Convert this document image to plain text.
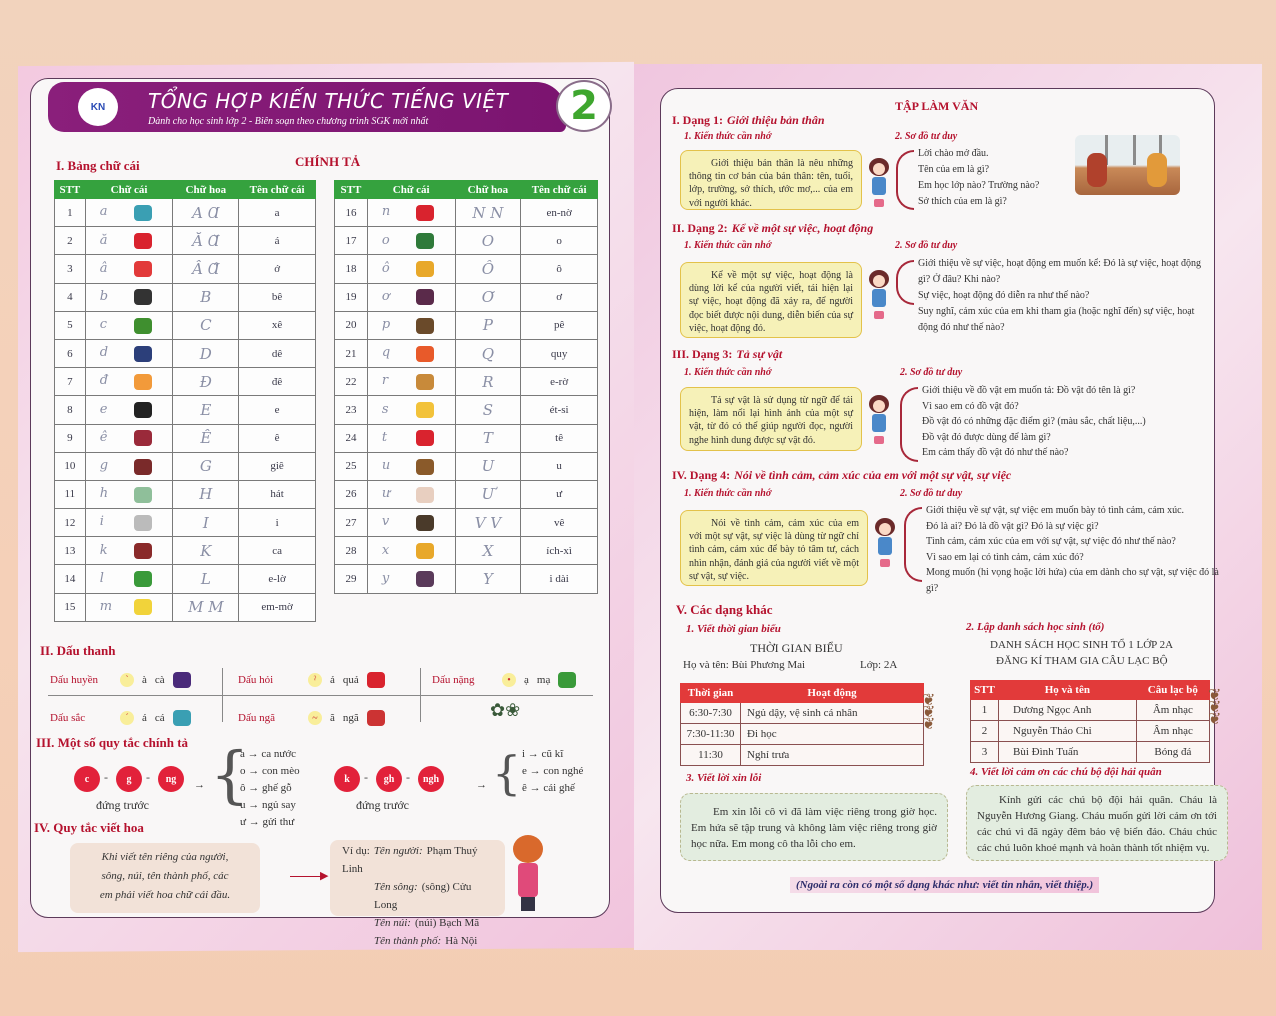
TỔNG HỢP KIẾN THỨC TIẾNG VIỆT
Dành cho học sinh lớp 2 - Biên soạn theo chương trình SGK mới nhất
KN	2
I. Bảng chữ cái	CHÍNH TẢ
STT	Chữ cái	Chữ hoa	Tên chữ cái
1	a	A Ɑ	a
2	ă	Ă Ɑ̆	á
3	â	Â Ɑ̂	ớ
4	b	B	bê
5	c	C	xê
6	d	D	dê
7	đ	Đ	đê
8	e	E	e
9	ê	Ê	ê
10	g	G	giê
11	h	H	hát
12	i	I	i
13	k	K	ca
14	l	L	e-lờ
15	m	M M	em-mờ
STT	Chữ cái	Chữ hoa	Tên chữ cái
16	n	N N	en-nờ
17	o	O	o
18	ô	Ô	ô
19	ơ	Ơ	ơ
20	p	P	pê
21	q	Q	quy
22	r	R	e-rờ
23	s	S	ét-si
24	t	T	tê
25	u	U	u
26	ư	Ư	ư
27	v	V V	vê
28	x	X	ích-xì
29	y	Y	i dài
II. Dấu thanh
Dấu huyền	`	à cà	Dấu hỏi	ˀ	ả quả	Dấu nặng	•	ạ mạ
Dấu sắc	ˊ	á cá	Dấu ngã	~	ã ngã	✿❀
III. Một số quy tắc chính tả
c	-	g	-	ng
đứng trước
→ {
a → ca nước
o → con mèo
ô → ghế gỗ
u → ngủ say
ư → gửi thư
k	-	gh -	ngh
đứng trước
→ { i → cũ kĩ
e → con nghé
ê → cái ghế
IV. Quy tắc viết hoa
Khi viết tên riêng của người,
sông, núi, tên thành phố, các
em phải viết hoa chữ cái đầu.
▶
Ví dụ: Tên người: Phạm Thuý Linh
Tên sông: (sông) Cửu Long
Tên núi: (núi) Bạch Mã
Tên thành phố: Hà Nội
TẬP LÀM VĂN
I. Dạng 1: Giới thiệu bản thân
1. Kiến thức cần nhớ	2. Sơ đồ tư duy
Giới thiệu bản thân là nêu những thông tin cơ bản của bản thân: tên, tuổi, lớp, trường, sở thích, ước mơ,... của em với người khác.
Lời chào mở đầu.
Tên của em là gì?
Em học lớp nào? Trường nào?
Sở thích của em là gì?
II. Dạng 2: Kể về một sự việc, hoạt động
1. Kiến thức cần nhớ	2. Sơ đồ tư duy
Kể về một sự việc, hoạt động là dùng lời kể của người viết, tái hiện lại sự việc, hoạt động đã xảy ra, để người đọc biết được nội dung, diễn biến của sự việc, hoạt động đó.
Giới thiệu về sự việc, hoạt động em muốn kể: Đó là sự việc, hoạt động gì? Ở đâu? Khi nào?
Sự việc, hoạt động đó diễn ra như thế nào?
Suy nghĩ, cảm xúc của em khi tham gia (hoặc nghĩ đến) sự việc, hoạt động đó như thế nào?
III. Dạng 3: Tả sự vật
1. Kiến thức cần nhớ	2. Sơ đồ tư duy
Tả sự vật là sử dụng từ ngữ để tái hiện, làm nổi lại hình ảnh của một sự vật, từ đó có thể giúp người đọc, người nghe hình dung được sự vật đó.
Giới thiệu về đồ vật em muốn tả: Đồ vật đó tên là gì?
Vì sao em có đồ vật đó?
Đồ vật đó có những đặc điểm gì? (màu sắc, chất liệu,...)
Đồ vật đó được dùng để làm gì?
Em cảm thấy đồ vật đó như thế nào?
IV. Dạng 4: Nói về tình cảm, cảm xúc của em với một sự vật, sự việc
1. Kiến thức cần nhớ	2. Sơ đồ tư duy
Nói về tình cảm, cảm xúc của em với một sự vật, sự việc là dùng từ ngữ chỉ tình cảm, cảm xúc để bày tỏ tâm tư, cách nhìn nhận, đánh giá của người viết về một sự vật, sự việc.
Giới thiệu về sự vật, sự việc em muốn bày tỏ tình cảm, cảm xúc.
Đó là ai? Đó là đồ vật gì? Đó là sự việc gì?
Tình cảm, cảm xúc của em với sự vật, sự việc đó như thế nào?
Vì sao em lại có tình cảm, cảm xúc đó?
Mong muốn (hi vọng hoặc lời hứa) của em dành cho sự vật, sự việc đó là gì?
V. Các dạng khác
1. Viết thời gian biểu
THỜI GIAN BIỂU
Họ và tên: Bùi Phương Mai	Lớp: 2A
Thời gian	Hoạt động
6:30-7:30	Ngủ dậy, vệ sinh cá nhân
7:30-11:30	Đi học
11:30	Nghỉ trưa
2. Lập danh sách học sinh (tổ)
DANH SÁCH HỌC SINH TỔ 1 LỚP 2A
ĐĂNG KÍ THAM GIA CÂU LẠC BỘ
STT	Họ và tên	Câu lạc bộ
1	Dương Ngọc Anh	Âm nhạc
2	Nguyễn Thảo Chi	Âm nhạc
3	Bùi Đình Tuấn	Bóng đá
❦
❦
❦
❦
❦
❦
3. Viết lời xin lỗi
Em xin lỗi cô vì đã làm việc riêng trong giờ học. Em hứa sẽ tập trung và không làm việc riêng trong giờ học nữa. Em mong cô tha lỗi cho em.
4. Viết lời cảm ơn các chú bộ đội hải quân
Kính gửi các chú bộ đội hải quân. Cháu là Nguyễn Hương Giang. Cháu muốn gửi lời cảm ơn tới các chú vì đã ngày đêm bảo vệ biển đảo. Cháu chúc các chú luôn khoẻ mạnh và hoàn thành tốt nhiệm vụ.
(Ngoài ra còn có một số dạng khác như: viết tin nhắn, viết thiệp.)
